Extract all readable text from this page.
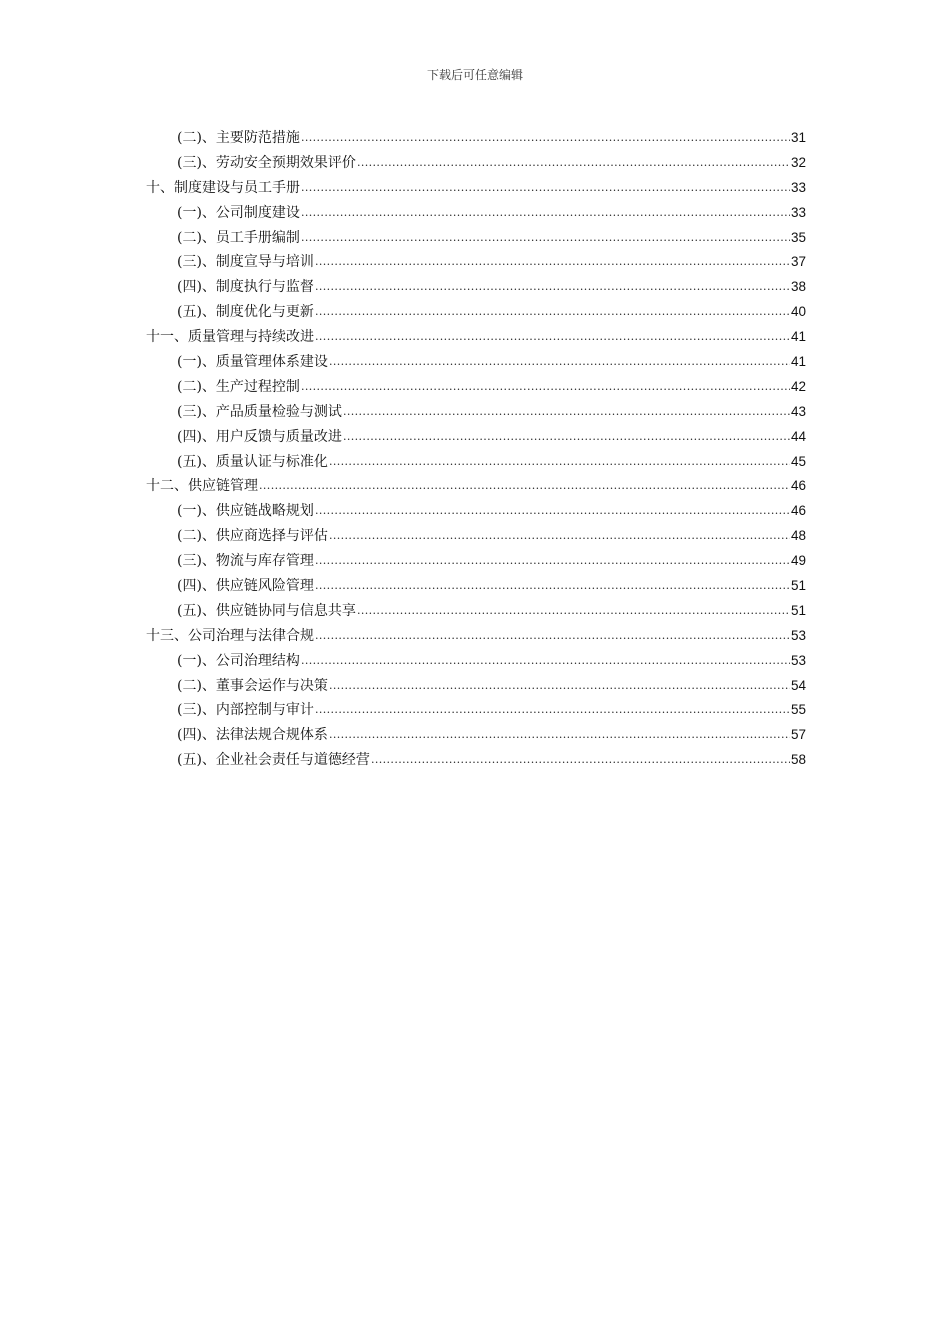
下载后可任意编辑
(二)、主要防范措施 .....	31
(三)、劳动安全预期效果评价 .....	32
十、制度建设与员工手册 .....	33
(一)、公司制度建设 .....	33
(二)、员工手册编制 .....	35
(三)、制度宣导与培训 .....	37
(四)、制度执行与监督 .....	38
(五)、制度优化与更新 .....	40
十一、质量管理与持续改进 .....	41
(一)、质量管理体系建设 .....	41
(二)、生产过程控制 .....	42
(三)、产品质量检验与测试 .....	43
(四)、用户反馈与质量改进 .....	44
(五)、质量认证与标准化 .....	45
十二、供应链管理 .....	46
(一)、供应链战略规划 .....	46
(二)、供应商选择与评估 .....	48
(三)、物流与库存管理 .....	49
(四)、供应链风险管理 .....	51
(五)、供应链协同与信息共享 .....	51
十三、公司治理与法律合规 .....	53
(一)、公司治理结构 .....	53
(二)、董事会运作与决策 .....	54
(三)、内部控制与审计 .....	55
(四)、法律法规合规体系 .....	57
(五)、企业社会责任与道德经营 .....	58
